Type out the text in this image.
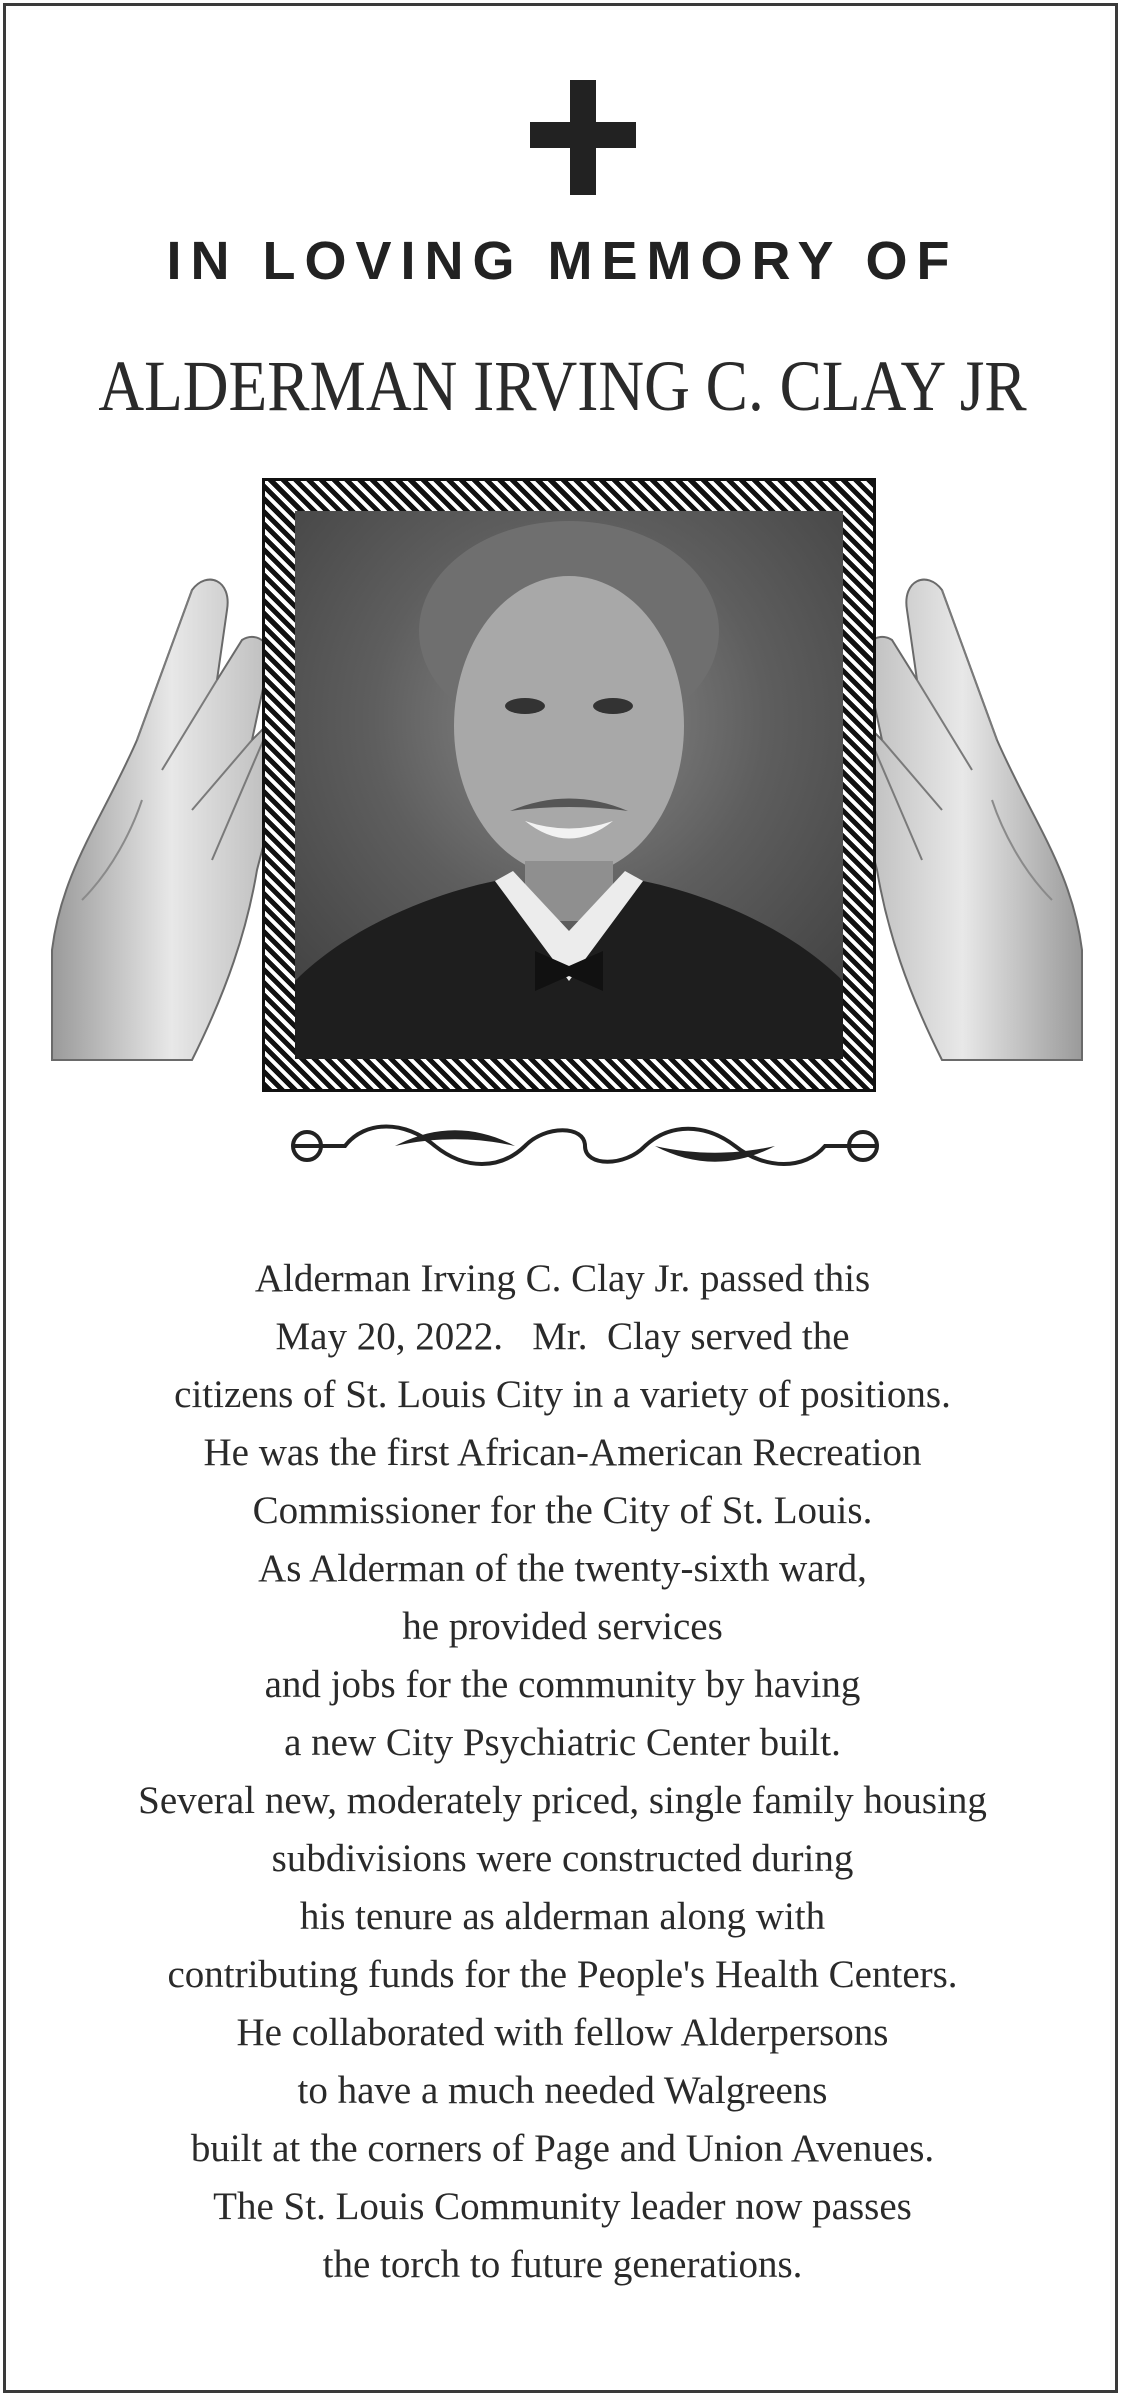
IN LOVING MEMORY OF
ALDERMAN IRVING C. CLAY JR
Alderman Irving C. Clay Jr. passed this
May 20, 2022.   Mr.  Clay served the
citizens of St. Louis City in a variety of positions.
He was the first African-American Recreation
Commissioner for the City of St. Louis.
As Alderman of the twenty-sixth ward,
he provided services
and jobs for the community by having
a new City Psychiatric Center built.
Several new, moderately priced, single family housing
subdivisions were constructed during
his tenure as alderman along with
contributing funds for the People's Health Centers.
He collaborated with fellow Alderpersons
to have a much needed Walgreens
built at the corners of Page and Union Avenues.
The St. Louis Community leader now passes
the torch to future generations.
